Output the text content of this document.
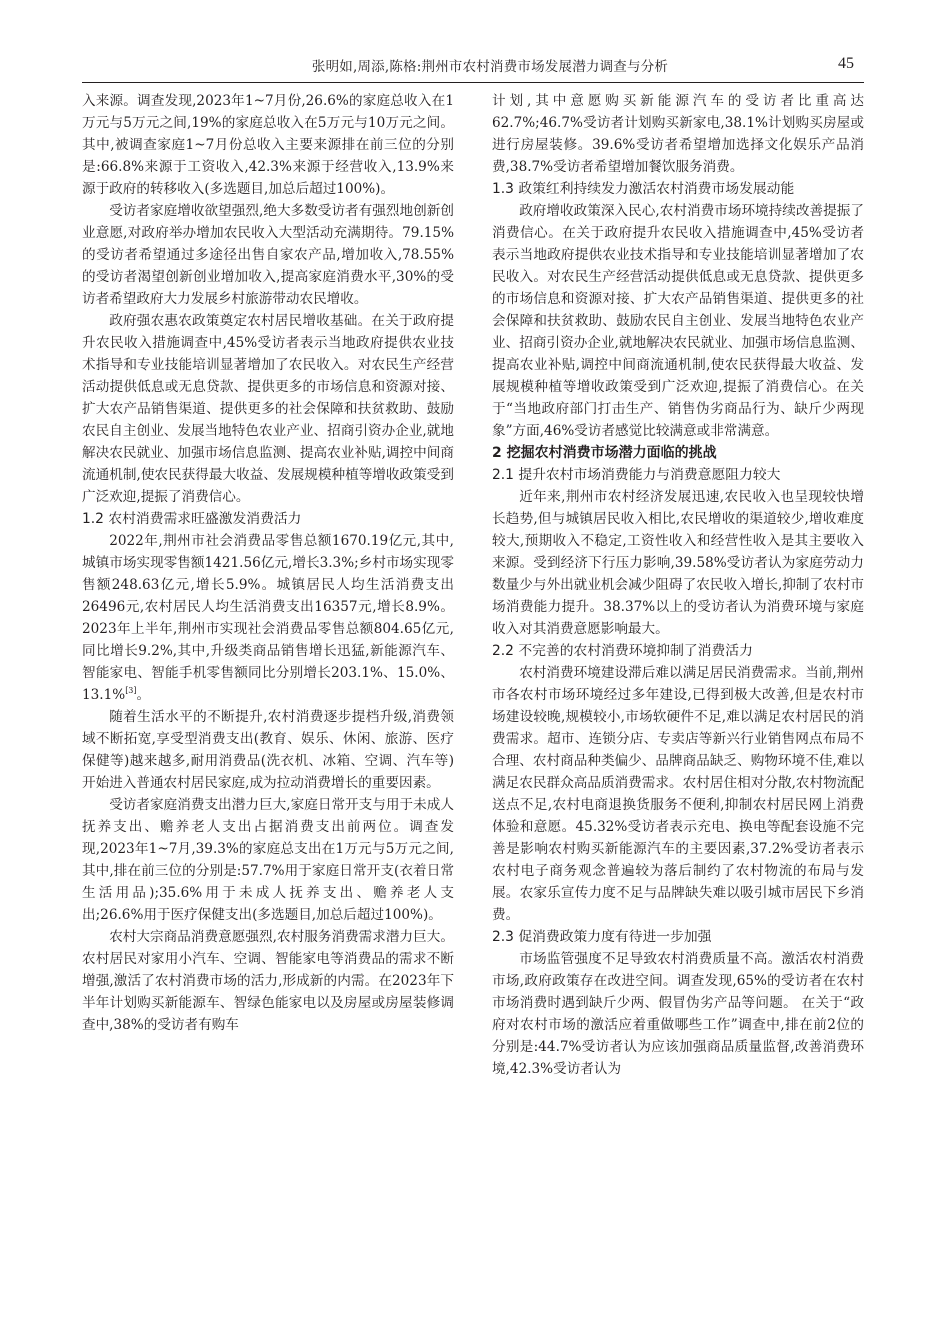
张明如,周添,陈格:荆州市农村消费市场发展潜力调查与分析	45

入来源。调查发现,2023年1~7月份,26.6%的家庭总收入在1万元与5万元之间,19%的家庭总收入在5万元与10万元之间。其中,被调查家庭1~7月份总收入主要来源排在前三位的分别是:66.8%来源于工资收入,42.3%来源于经营收入,13.9%来源于政府的转移收入(多选题目,加总后超过100%)。

受访者家庭增收欲望强烈,绝大多数受访者有强烈地创新创业意愿,对政府举办增加农民收入大型活动充满期待。79.15%的受访者希望通过多途径出售自家农产品,增加收入,78.55%的受访者渴望创新创业增加收入,提高家庭消费水平,30%的受访者希望政府大力发展乡村旅游带动农民增收。

政府强农惠农政策奠定农村居民增收基础。在关于政府提升农民收入措施调查中,45%受访者表示当地政府提供农业技术指导和专业技能培训显著增加了农民收入。对农民生产经营活动提供低息或无息贷款、提供更多的市场信息和资源对接、扩大农产品销售渠道、提供更多的社会保障和扶贫救助、鼓励农民自主创业、发展当地特色农业产业、招商引资办企业,就地解决农民就业、加强市场信息监测、提高农业补贴,调控中间商流通机制,使农民获得最大收益、发展规模种植等增收政策受到广泛欢迎,提振了消费信心。

1.2 农村消费需求旺盛激发消费活力

2022年,荆州市社会消费品零售总额1670.19亿元,其中,城镇市场实现零售额1421.56亿元,增长3.3%;乡村市场实现零售额248.63亿元,增长5.9%。城镇居民人均生活消费支出26496元,农村居民人均生活消费支出16357元,增长8.9%。2023年上半年,荆州市实现社会消费品零售总额804.65亿元,同比增长9.2%,其中,升级类商品销售增长迅猛,新能源汽车、智能家电、智能手机零售额同比分别增长203.1%、15.0%、13.1%[3]。

随着生活水平的不断提升,农村消费逐步提档升级,消费领域不断拓宽,享受型消费支出(教育、娱乐、休闲、旅游、医疗保健等)越来越多,耐用消费品(洗衣机、冰箱、空调、汽车等)开始进入普通农村居民家庭,成为拉动消费增长的重要因素。

受访者家庭消费支出潜力巨大,家庭日常开支与用于未成人抚养支出、赡养老人支出占据消费支出前两位。调查发现,2023年1~7月,39.3%的家庭总支出在1万元与5万元之间,其中,排在前三位的分别是:57.7%用于家庭日常开支(衣着日常生活用品);35.6%用于未成人抚养支出、赡养老人支出;26.6%用于医疗保健支出(多选题目,加总后超过100%)。

农村大宗商品消费意愿强烈,农村服务消费需求潜力巨大。农村居民对家用小汽车、空调、智能家电等消费品的需求不断增强,激活了农村消费市场的活力,形成新的内需。在2023年下半年计划购买新能源车、智绿色能家电以及房屋或房屋装修调查中,38%的受访者有购车

计划,其中意愿购买新能源汽车的受访者比重高达62.7%;46.7%受访者计划购买新家电,38.1%计划购买房屋或进行房屋装修。39.6%受访者希望增加选择文化娱乐产品消费,38.7%受访者希望增加餐饮服务消费。

1.3 政策红利持续发力激活农村消费市场发展动能

政府增收政策深入民心,农村消费市场环境持续改善提振了消费信心。在关于政府提升农民收入措施调查中,45%受访者表示当地政府提供农业技术指导和专业技能培训显著增加了农民收入。对农民生产经营活动提供低息或无息贷款、提供更多的市场信息和资源对接、扩大农产品销售渠道、提供更多的社会保障和扶贫救助、鼓励农民自主创业、发展当地特色农业产业、招商引资办企业,就地解决农民就业、加强市场信息监测、提高农业补贴,调控中间商流通机制,使农民获得最大收益、发展规模种植等增收政策受到广泛欢迎,提振了消费信心。在关于“当地政府部门打击生产、销售伪劣商品行为、缺斤少两现象”方面,46%受访者感觉比较满意或非常满意。

2 挖掘农村消费市场潜力面临的挑战
2.1 提升农村市场消费能力与消费意愿阻力较大

近年来,荆州市农村经济发展迅速,农民收入也呈现较快增长趋势,但与城镇居民收入相比,农民增收的渠道较少,增收难度较大,预期收入不稳定,工资性收入和经营性收入是其主要收入来源。受到经济下行压力影响,39.58%受访者认为家庭劳动力数量少与外出就业机会减少阻碍了农民收入增长,抑制了农村市场消费能力提升。38.37%以上的受访者认为消费环境与家庭收入对其消费意愿影响最大。

2.2 不完善的农村消费环境抑制了消费活力

农村消费环境建设滞后难以满足居民消费需求。当前,荆州市各农村市场环境经过多年建设,已得到极大改善,但是农村市场建设较晚,规模较小,市场软硬件不足,难以满足农村居民的消费需求。超市、连锁分店、专卖店等新兴行业销售网点布局不合理、农村商品种类偏少、品牌商品缺乏、购物环境不佳,难以满足农民群众高品质消费需求。农村居住相对分散,农村物流配送点不足,农村电商退换货服务不便利,抑制农村居民网上消费体验和意愿。45.32%受访者表示充电、换电等配套设施不完善是影响农村购买新能源汽车的主要因素,37.2%受访者表示农村电子商务观念普遍较为落后制约了农村物流的布局与发展。农家乐宣传力度不足与品牌缺失难以吸引城市居民下乡消费。

2.3 促消费政策力度有待进一步加强

市场监管强度不足导致农村消费质量不高。激活农村消费市场,政府政策存在改进空间。调查发现,65%的受访者在农村市场消费时遇到缺斤少两、假冒伪劣产品等问题。 在关于“政府对农村市场的激活应着重做哪些工作”调查中,排在前2位的分别是:44.7%受访者认为应该加强商品质量监督,改善消费环境,42.3%受访者认为
